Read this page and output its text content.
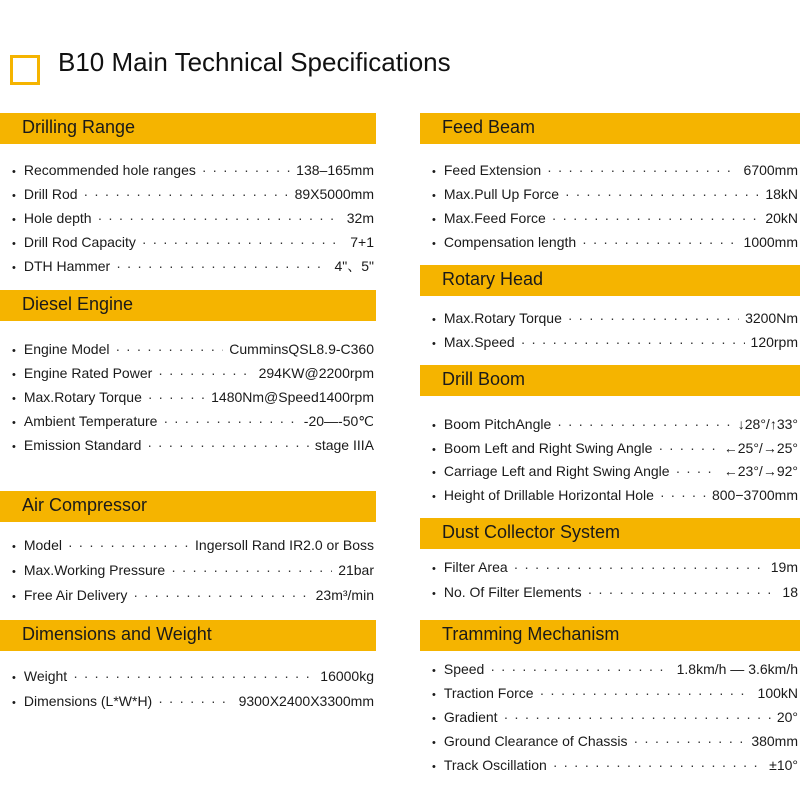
B10 Main Technical Specifications
Drilling Range
• Recommended hole ranges · · ·	138–165mm
• Drill Rod · · ·	89X5000mm
• Hole depth · · ·	32m
• Drill Rod Capacity · · ·	7+1
• DTH Hammer · · ·	4"、5"
Diesel Engine
• Engine Model · · ·	CumminsQSL8.9-C360
• Engine Rated Power · · ·	294KW@2200rpm
• Max.Rotary Torque · · ·	1480Nm@Speed1400rpm
• Ambient Temperature · · ·	-20—-50℃
• Emission Standard · · ·	stage IIIA
Air Compressor
• Model · · ·	Ingersoll Rand IR2.0 or Boss
• Max.Working Pressure · · ·	21bar
• Free Air Delivery · · ·	23m³/min
Dimensions and Weight
• Weight · · ·	16000kg
• Dimensions (L*W*H) · · ·	9300X2400X3300mm
Feed Beam
• Feed Extension · · ·	6700mm
• Max.Pull Up Force · · ·	18kN
• Max.Feed Force · · ·	20kN
• Compensation length · · ·	1000mm
Rotary Head
• Max.Rotary Torque · · ·	3200Nm
• Max.Speed · · ·	120rpm
Drill Boom
• Boom PitchAngle · · ·	↓28°/↑33°
• Boom Left and Right Swing Angle · · ·	←25°/→25°
• Carriage Left and Right Swing Angle · · ·	←23°/→92°
• Height of Drillable Horizontal Hole · · ·	800−3700mm
Dust Collector System
• Filter Area · · ·	19m
• No. Of Filter Elements · · ·	18
Tramming Mechanism
• Speed · · ·	1.8km/h — 3.6km/h
• Traction Force · · ·	100kN
• Gradient · · ·	20°
• Ground Clearance of Chassis · · ·	380mm
• Track Oscillation · · ·	±10°
